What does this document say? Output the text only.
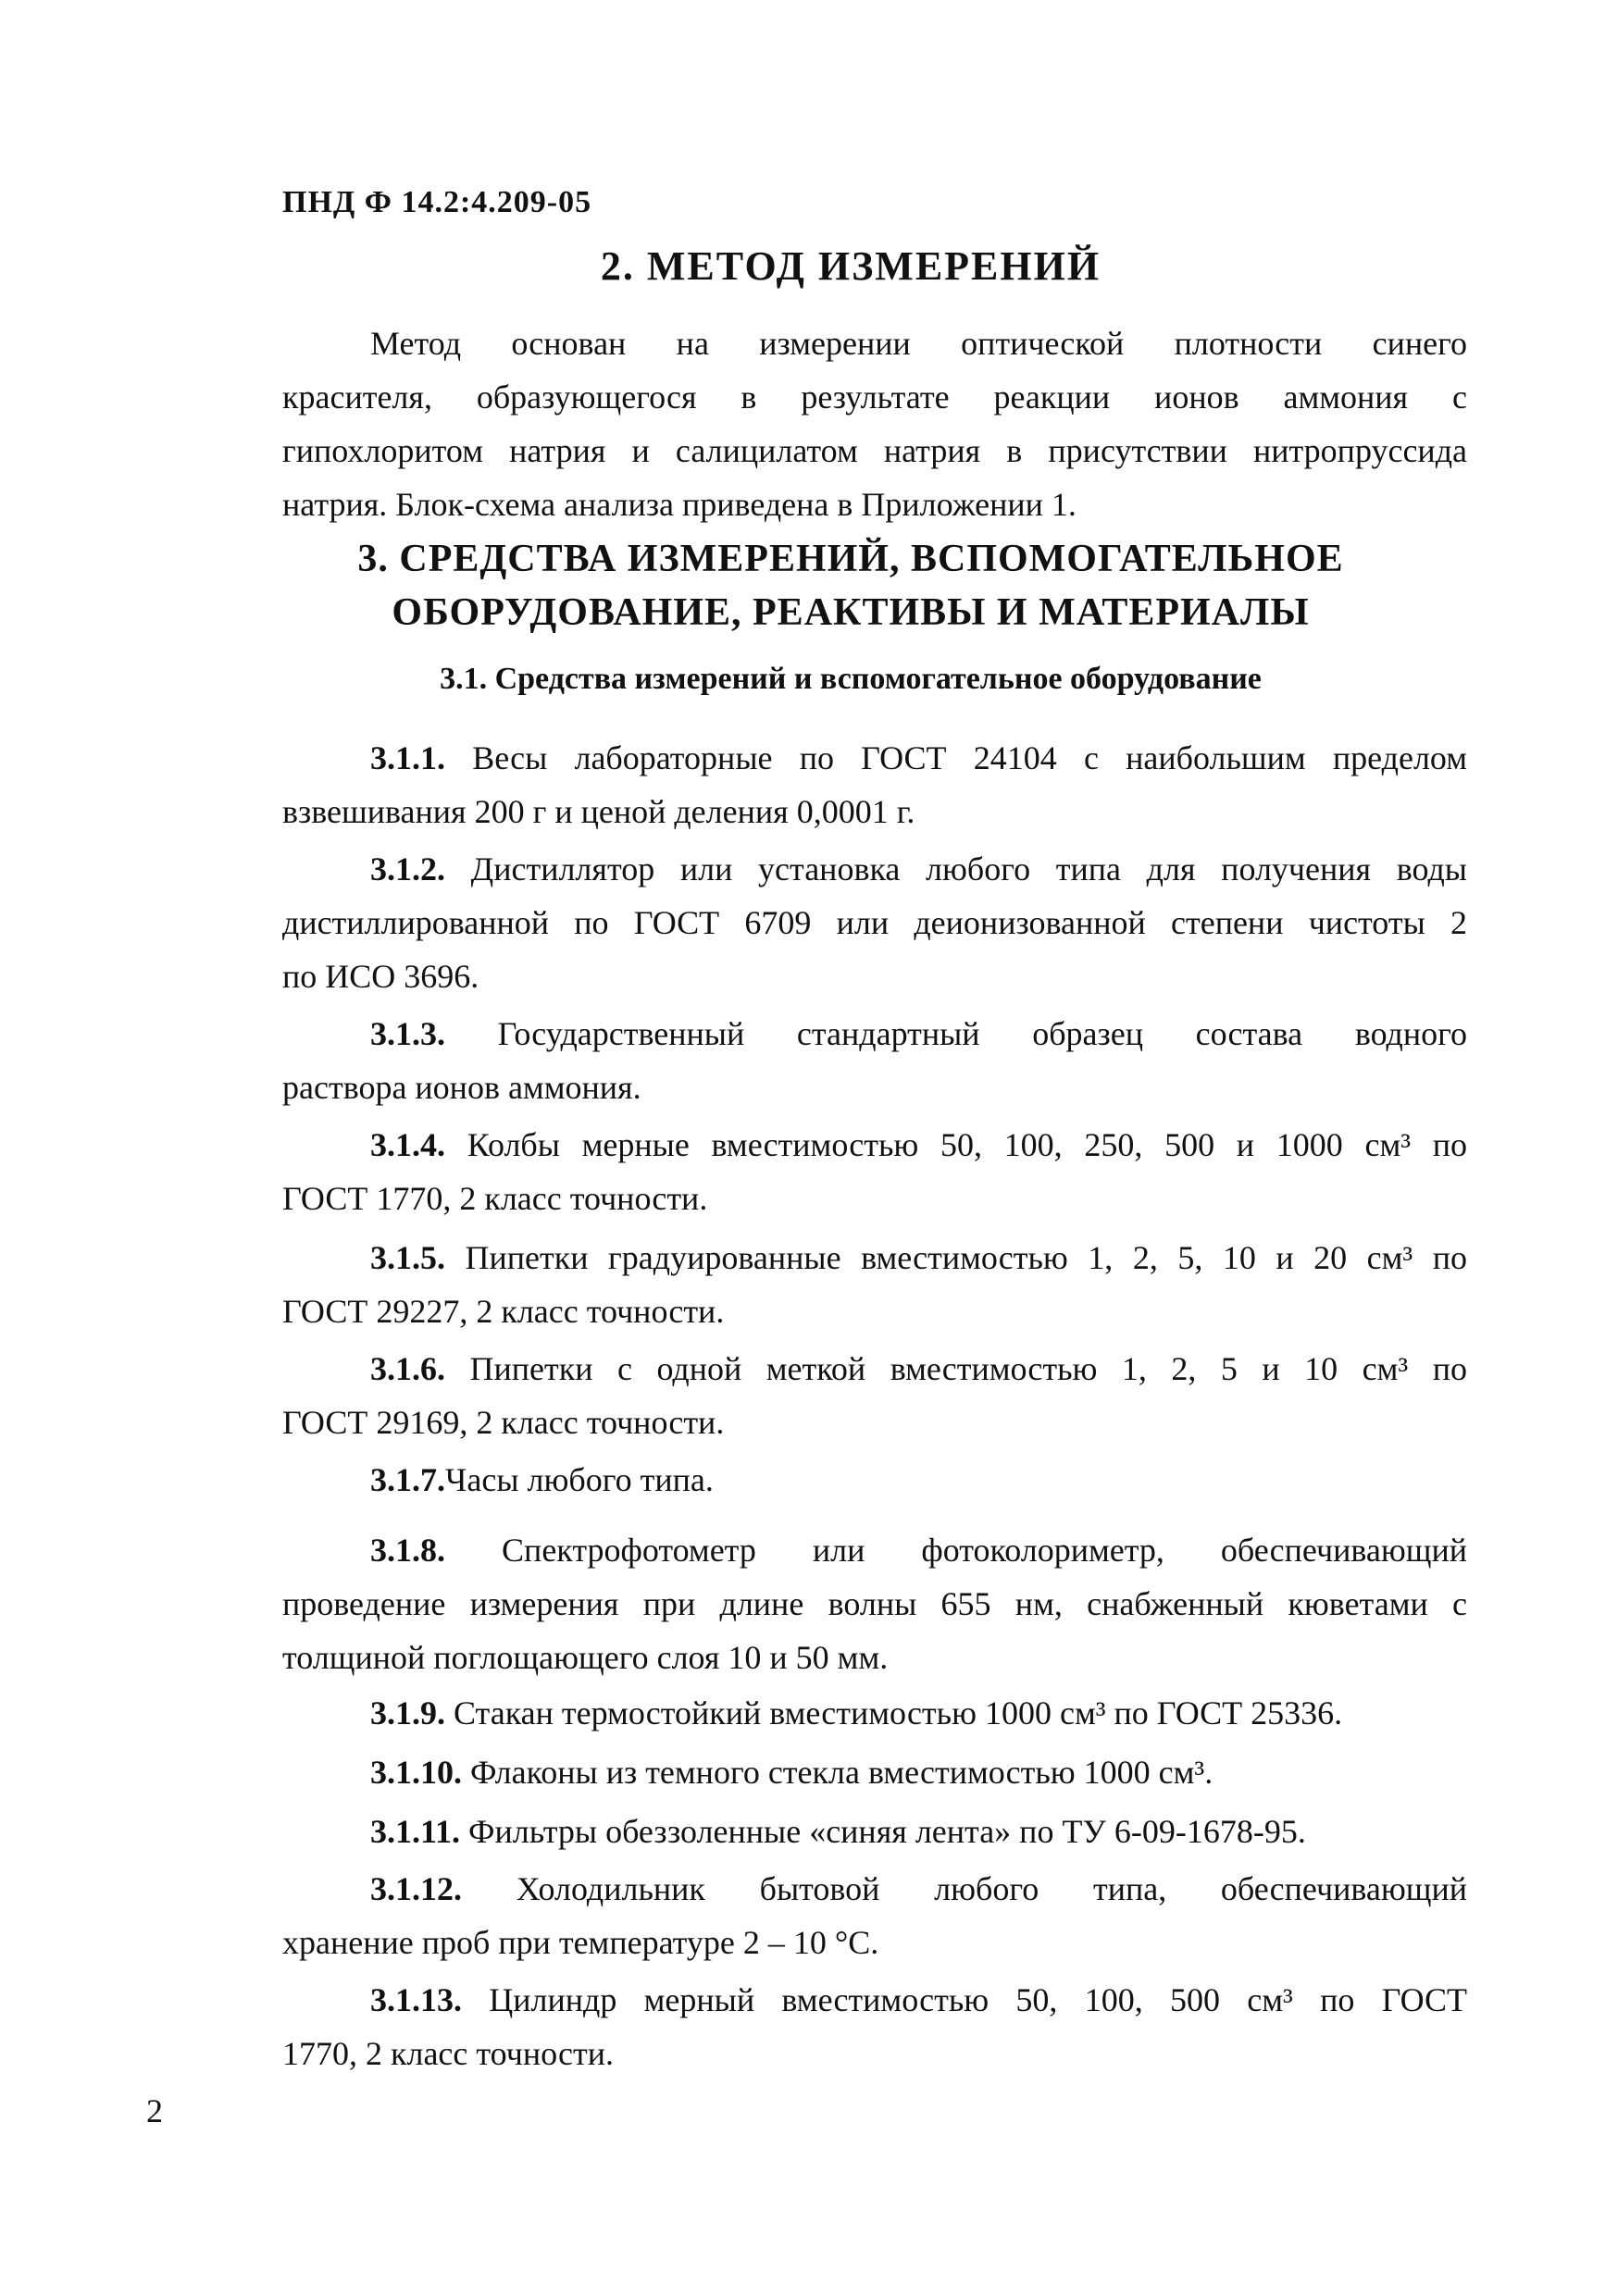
ПНД Ф 14.2:4.209-05
2. МЕТОД ИЗМЕРЕНИЙ
Метод основан на измерении оптической плотности синего
красителя, образующегося в результате реакции ионов аммония с
гипохлоритом натрия и салицилатом натрия в присутствии нитропруссида
натрия. Блок-схема анализа приведена в Приложении 1.
3. СРЕДСТВА ИЗМЕРЕНИЙ, ВСПОМОГАТЕЛЬНОЕ
ОБОРУДОВАНИЕ, РЕАКТИВЫ И МАТЕРИАЛЫ
3.1. Средства измерений и вспомогательное оборудование
3.1.1. Весы лабораторные по ГОСТ 24104 с наибольшим пределом
взвешивания 200 г и ценой деления 0,0001 г.
3.1.2. Дистиллятор или установка любого типа для получения воды
дистиллированной по ГОСТ 6709 или деионизованной степени чистоты 2
по ИСО 3696.
3.1.3. Государственный стандартный образец состава водного
раствора ионов аммония.
3.1.4. Колбы мерные вместимостью 50, 100, 250, 500 и 1000 см³ по
ГОСТ 1770, 2 класс точности.
3.1.5. Пипетки градуированные вместимостью 1, 2, 5, 10 и 20 см³ по
ГОСТ 29227, 2 класс точности.
3.1.6. Пипетки с одной меткой вместимостью 1, 2, 5 и 10 см³ по
ГОСТ 29169, 2 класс точности.
3.1.7.Часы любого типа.
3.1.8. Спектрофотометр или фотоколориметр, обеспечивающий
проведение измерения при длине волны 655 нм, снабженный кюветами с
толщиной поглощающего слоя 10 и 50 мм.
3.1.9. Стакан термостойкий вместимостью 1000 см³ по ГОСТ 25336.
3.1.10. Флаконы из темного стекла вместимостью 1000 см³.
3.1.11. Фильтры обеззоленные «синяя лента» по ТУ 6-09-1678-95.
3.1.12. Холодильник бытовой любого типа, обеспечивающий
хранение проб при температуре 2 – 10 °С.
3.1.13. Цилиндр мерный вместимостью 50, 100, 500 см³ по ГОСТ
1770, 2 класс точности.
2
